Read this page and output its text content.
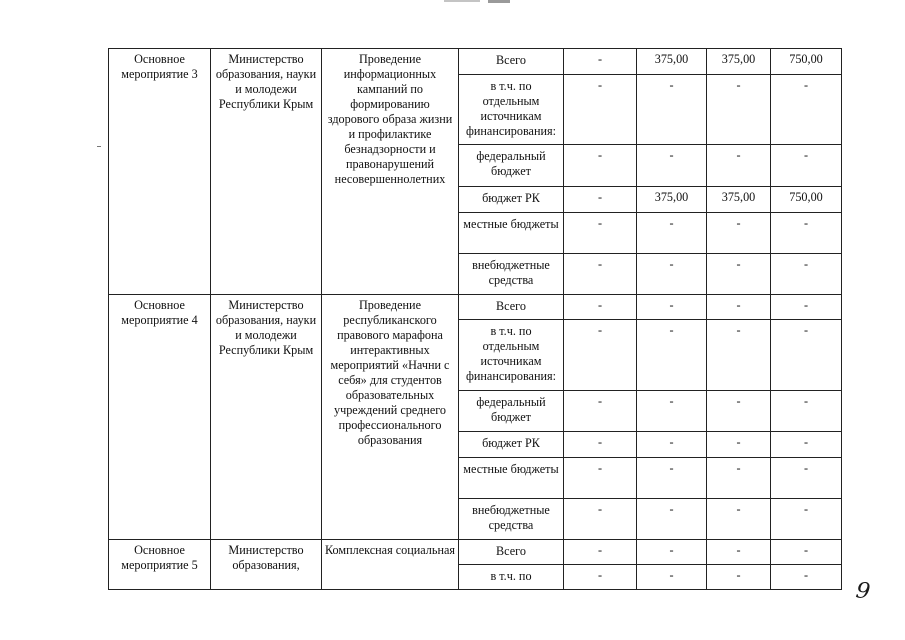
Основное мероприятие 3	Министерство образования, науки и молодежи Республики Крым	Проведение информационных кампаний по формированию здорового образа жизни и профилактике безнадзорности и правонарушений несовершеннолетних	Всего	-	375,00	375,00	750,00
			в т.ч. по отдельным источникам финансирования:	-	-	-	-
			федеральный бюджет	-	-	-	-
			бюджет РК	-	375,00	375,00	750,00
			местные бюджеты	-	-	-	-
			внебюджетные средства	-	-	-	-
Основное мероприятие 4	Министерство образования, науки и молодежи Республики Крым	Проведение республиканского правового марафона интерактивных мероприятий «Начни с себя» для студентов образовательных учреждений среднего профессионального образования	Всего	-	-	-	-
			в т.ч. по отдельным источникам финансирования:	-	-	-	-
			федеральный бюджет	-	-	-	-
			бюджет РК	-	-	-	-
			местные бюджеты	-	-	-	-
			внебюджетные средства	-	-	-	-
Основное мероприятие 5	Министерство образования,	Комплексная социальная	Всего	-	-	-	-
			в т.ч. по	-	-	-	-
9
